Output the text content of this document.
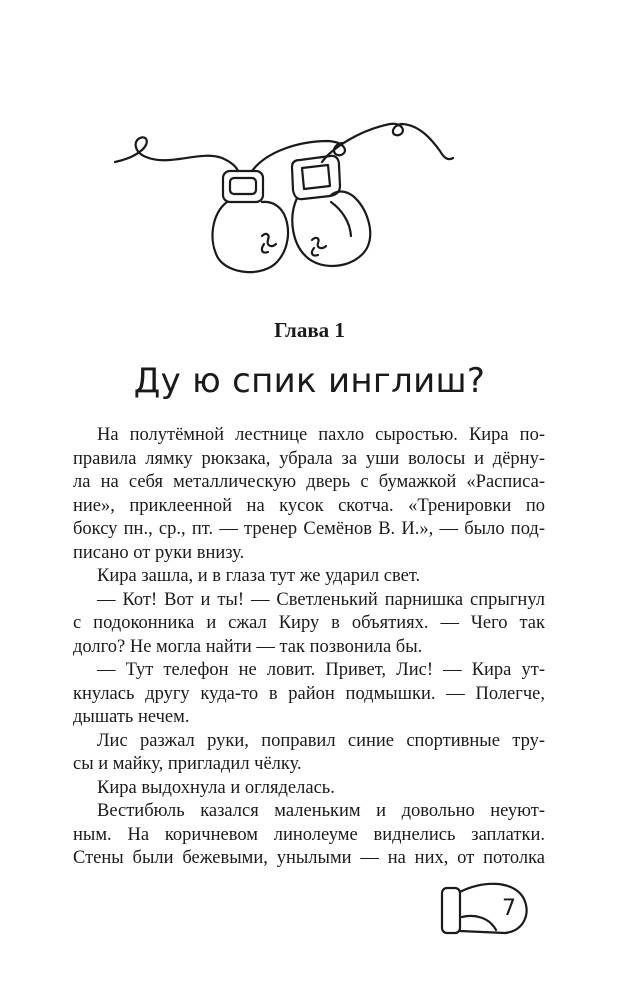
Глава 1
Ду ю спик инглиш?
На полутёмной лестнице пахло сыростью. Кира по-
правила лямку рюкзака, убрала за уши волосы и дёрну-
ла на себя металлическую дверь с бумажкой «Расписа-
ние», приклеенной на кусок скотча. «Тренировки по
боксу пн., ср., пт. — тренер Семёнов В. И.», — было под-
писано от руки внизу.
Кира зашла, и в глаза тут же ударил свет.
— Кот! Вот и ты! — Светленький парнишка спрыгнул
с подоконника и сжал Киру в объятиях. — Чего так
долго? Не могла найти — так позвонила бы.
— Тут телефон не ловит. Привет, Лис! — Кира ут-
кнулась другу куда-то в район подмышки. — Полегче,
дышать нечем.
Лис разжал руки, поправил синие спортивные тру-
сы и майку, пригладил чёлку.
Кира выдохнула и огляделась.
Вестибюль казался маленьким и довольно неуют-
ным. На коричневом линолеуме виднелись заплатки.
Стены были бежевыми, унылыми — на них, от потолка
7
